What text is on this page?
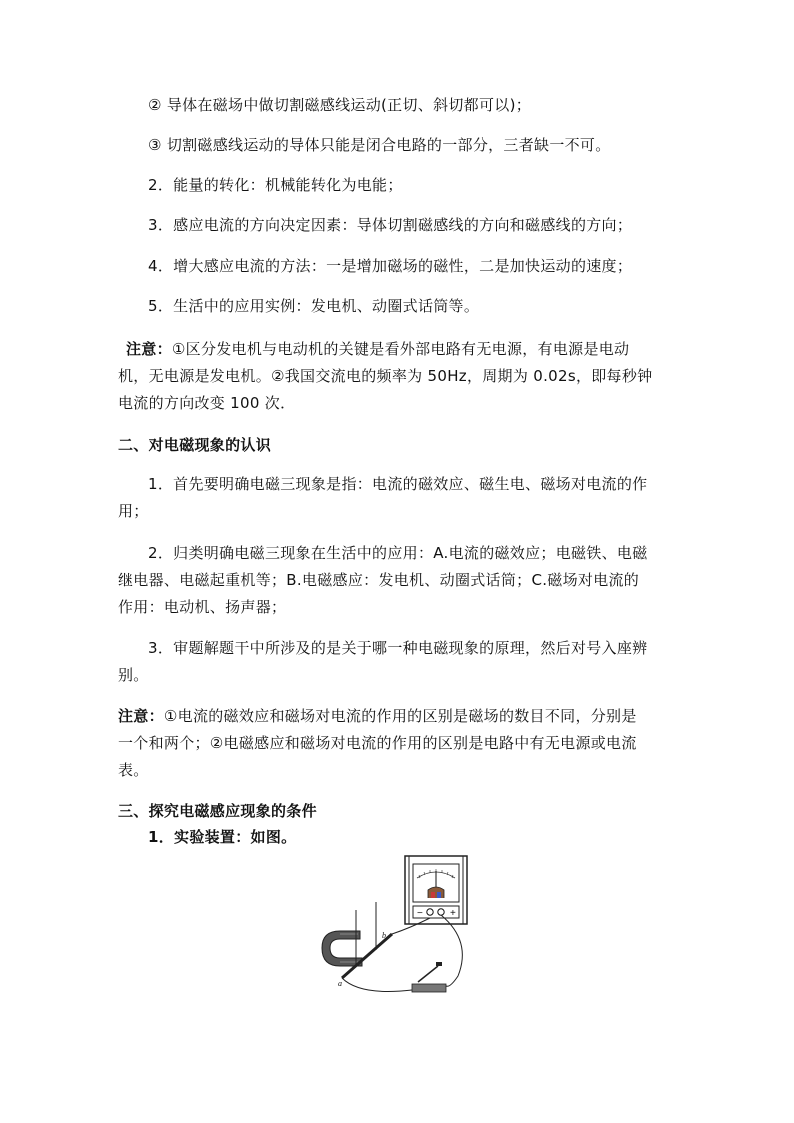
② 导体在磁场中做切割磁感线运动(正切、斜切都可以)；
③ 切割磁感线运动的导体只能是闭合电路的一部分，三者缺一不可。
2．能量的转化：机械能转化为电能；
3．感应电流的方向决定因素：导体切割磁感线的方向和磁感线的方向；
4．增大感应电流的方法：一是增加磁场的磁性，二是加快运动的速度；
5．生活中的应用实例：发电机、动圈式话筒等。
注意：①区分发电机与电动机的关键是看外部电路有无电源，有电源是电动
机，无电源是发电机。②我国交流电的频率为 50Hz，周期为 0.02s，即每秒钟
电流的方向改变 100 次．
二、对电磁现象的认识
1．首先要明确电磁三现象是指：电流的磁效应、磁生电、磁场对电流的作
用；
2．归类明确电磁三现象在生活中的应用：A.电流的磁效应；电磁铁、电磁
继电器、电磁起重机等；B.电磁感应：发电机、动圈式话筒；C.磁场对电流的
作用：电动机、扬声器；
3．审题解题干中所涉及的是关于哪一种电磁现象的原理，然后对号入座辨
别。
注意：①电流的磁效应和磁场对电流的作用的区别是磁场的数目不同，分别是
一个和两个；②电磁感应和磁场对电流的作用的区别是电路中有无电源或电流
表。
三、探究电磁感应现象的条件
1．实验装置：如图。
−	+
b
a
